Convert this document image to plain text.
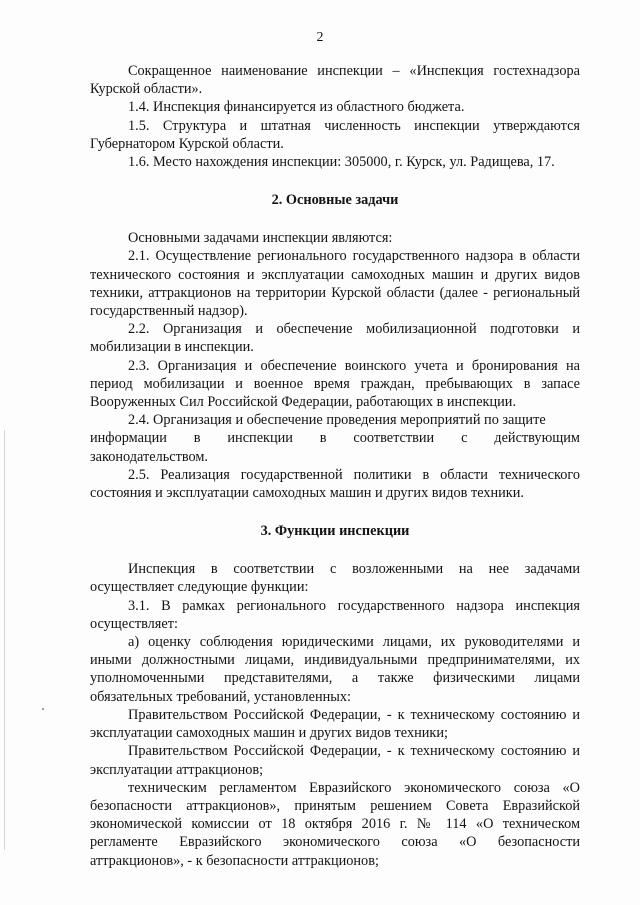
2

Сокращенное наименование инспекции – «Инспекция гостехнадзора Курской области».

1.4. Инспекция финансируется из областного бюджета.

1.5. Структура и штатная численность инспекции утверждаются Губернатором Курской области.

1.6. Место нахождения инспекции: 305000, г. Курск, ул. Радищева, 17.

2. Основные задачи

Основными задачами инспекции являются:

2.1. Осуществление регионального государственного надзора в области технического состояния и эксплуатации самоходных машин и других видов техники, аттракционов на территории Курской области (далее - региональный государственный надзор).

2.2. Организация и обеспечение мобилизационной подготовки и мобилизации в инспекции.

2.3. Организация и обеспечение воинского учета и бронирования на период мобилизации и военное время граждан, пребывающих в запасе Вооруженных Сил Российской Федерации, работающих в инспекции.

2.4. Организация и обеспечение проведения мероприятий по защите

информации в инспекции в соответствии с действующим

законодательством.

2.5. Реализация государственной политики в области технического состояния и эксплуатации самоходных машин и других видов техники.

3. Функции инспекции

Инспекция в соответствии с возложенными на нее задачами осуществляет следующие функции:

3.1. В рамках регионального государственного надзора инспекция осуществляет:

а) оценку соблюдения юридическими лицами, их руководителями и иными должностными лицами, индивидуальными предпринимателями, их уполномоченными представителями, а также физическими лицами обязательных требований, установленных:

Правительством Российской Федерации, - к техническому состоянию и эксплуатации самоходных машин и других видов техники;

Правительством Российской Федерации, - к техническому состоянию и эксплуатации аттракционов;

техническим регламентом Евразийского экономического союза «О безопасности аттракционов», принятым решением Совета Евразийской экономической комиссии от 18 октября 2016 г. № 114 «О техническом регламенте Евразийского экономического союза «О безопасности аттракционов», - к безопасности аттракционов;
